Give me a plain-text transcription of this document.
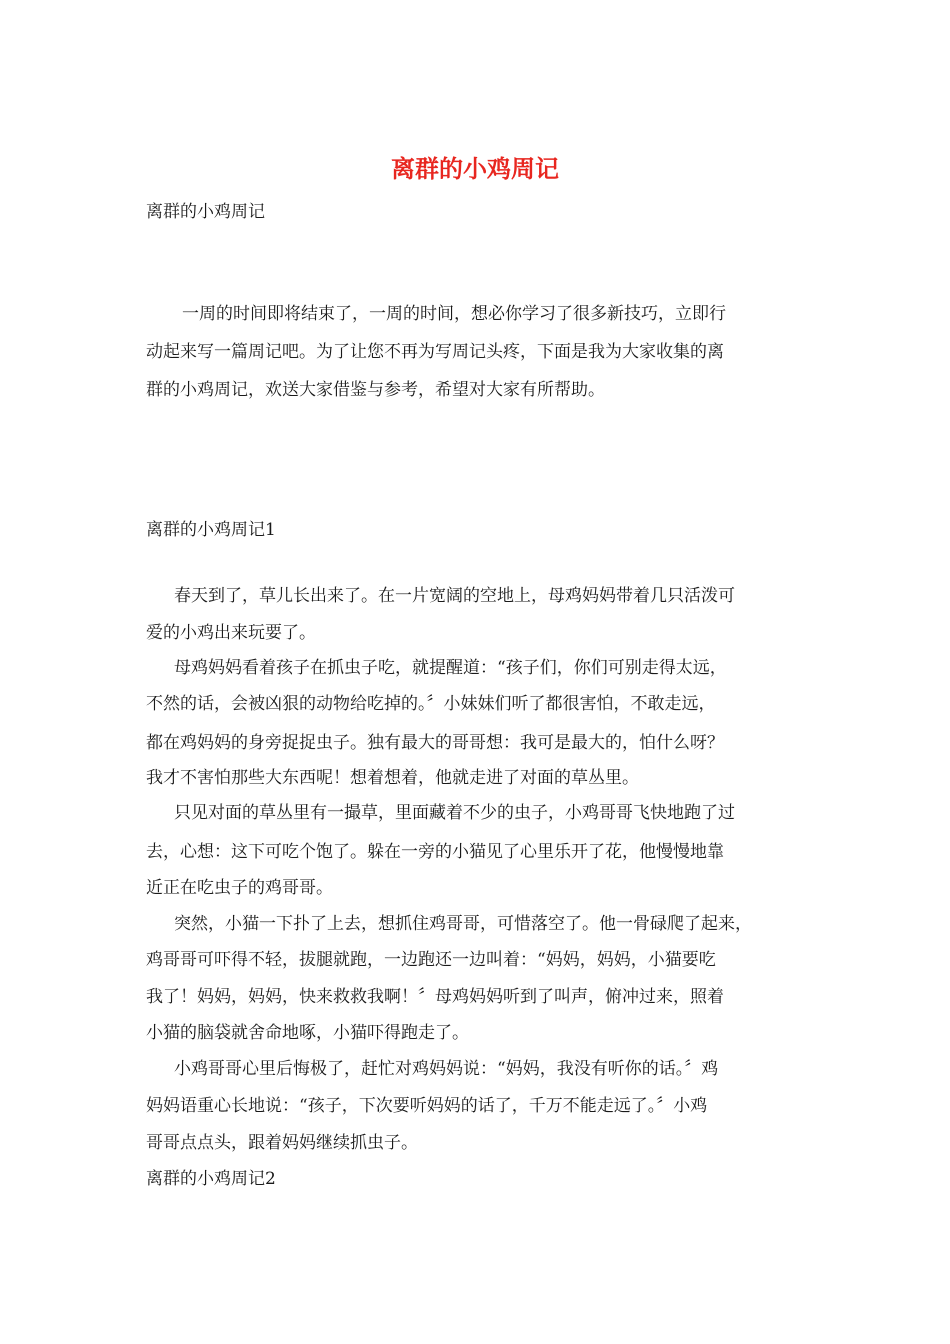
离群的小鸡周记
离群的小鸡周记
一周的时间即将结束了，一周的时间，想必你学习了很多新技巧，立即行
动起来写一篇周记吧。为了让您不再为写周记头疼，下面是我为大家收集的离
群的小鸡周记，欢送大家借鉴与参考，希望对大家有所帮助。
离群的小鸡周记1
春天到了，草儿长出来了。在一片宽阔的空地上，母鸡妈妈带着几只活泼可
爱的小鸡出来玩要了。
母鸡妈妈看着孩子在抓虫子吃，就提醒道：“孩子们，你们可别走得太远，
不然的话，会被凶狠的动物给吃掉的。〞小妹妹们听了都很害怕，不敢走远，
都在鸡妈妈的身旁捉捉虫子。独有最大的哥哥想：我可是最大的，怕什么呀？
我才不害怕那些大东西呢！想着想着，他就走进了对面的草丛里。
只见对面的草丛里有一撮草，里面藏着不少的虫子，小鸡哥哥飞快地跑了过
去，心想：这下可吃个饱了。躲在一旁的小猫见了心里乐开了花，他慢慢地靠
近正在吃虫子的鸡哥哥。
突然，小猫一下扑了上去，想抓住鸡哥哥，可惜落空了。他一骨碌爬了起来，
鸡哥哥可吓得不轻，拔腿就跑，一边跑还一边叫着：“妈妈，妈妈，小猫要吃
我了！妈妈，妈妈，快来救救我啊！〞母鸡妈妈听到了叫声，俯冲过来，照着
小猫的脑袋就舍命地啄，小猫吓得跑走了。
小鸡哥哥心里后悔极了，赶忙对鸡妈妈说：“妈妈，我没有听你的话。〞鸡
妈妈语重心长地说：“孩子，下次要听妈妈的话了，千万不能走远了。〞小鸡
哥哥点点头，跟着妈妈继续抓虫子。
离群的小鸡周记2
